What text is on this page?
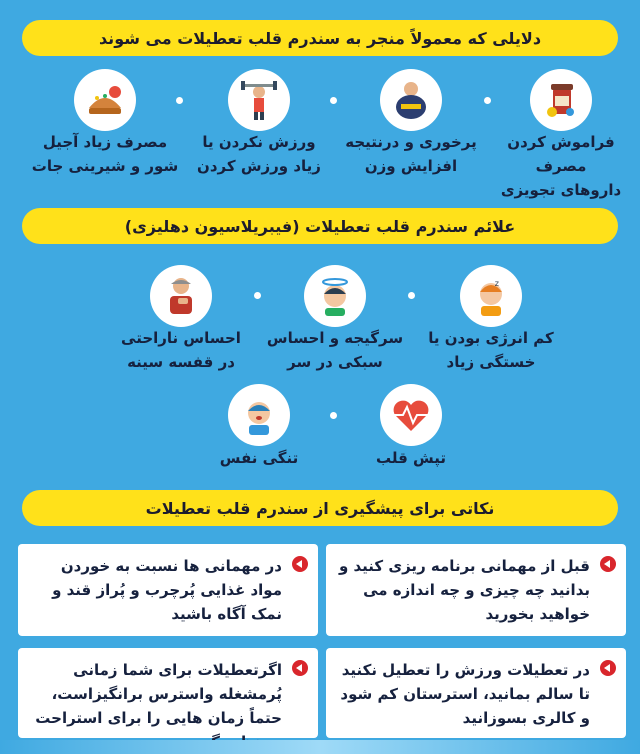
دلایلی که معمولاً منجر به سندرم قلب تعطیلات می شوند
فراموش کردن مصرف
داروهای تجویزی
پرخوری و درنتیجه
افزایش وزن
ورزش نکردن یا
زیاد ورزش کردن
مصرف زیاد آجیل
شور و شیرینی جات
علائم سندرم قلب تعطیلات (فیبریلاسیون دهلیزی)
z
کم انرژی بودن یا
خستگی زیاد
سرگیجه و احساس
سبکی در سر
احساس ناراحتی
در قفسه سینه
تپش قلب
تنگی نفس
نکاتی برای پیشگیری از سندرم قلب تعطیلات
قبل از مهمانی برنامه ریزی کنید و بدانید چه چیزی و چه اندازه می خواهید بخورید
در مهمانی ها نسبت به خوردن مواد غذایی پُرچرب و پُراز قند و نمک آگاه باشید
در تعطیلات ورزش را تعطیل نکنید تا سالم بمانید، استرستان کم شود و کالری بسوزانید
اگرتعطیلات برای شما زمانی پُرمشغله واسترس برانگیزاست، حتماً زمان هایی را برای استراحت
